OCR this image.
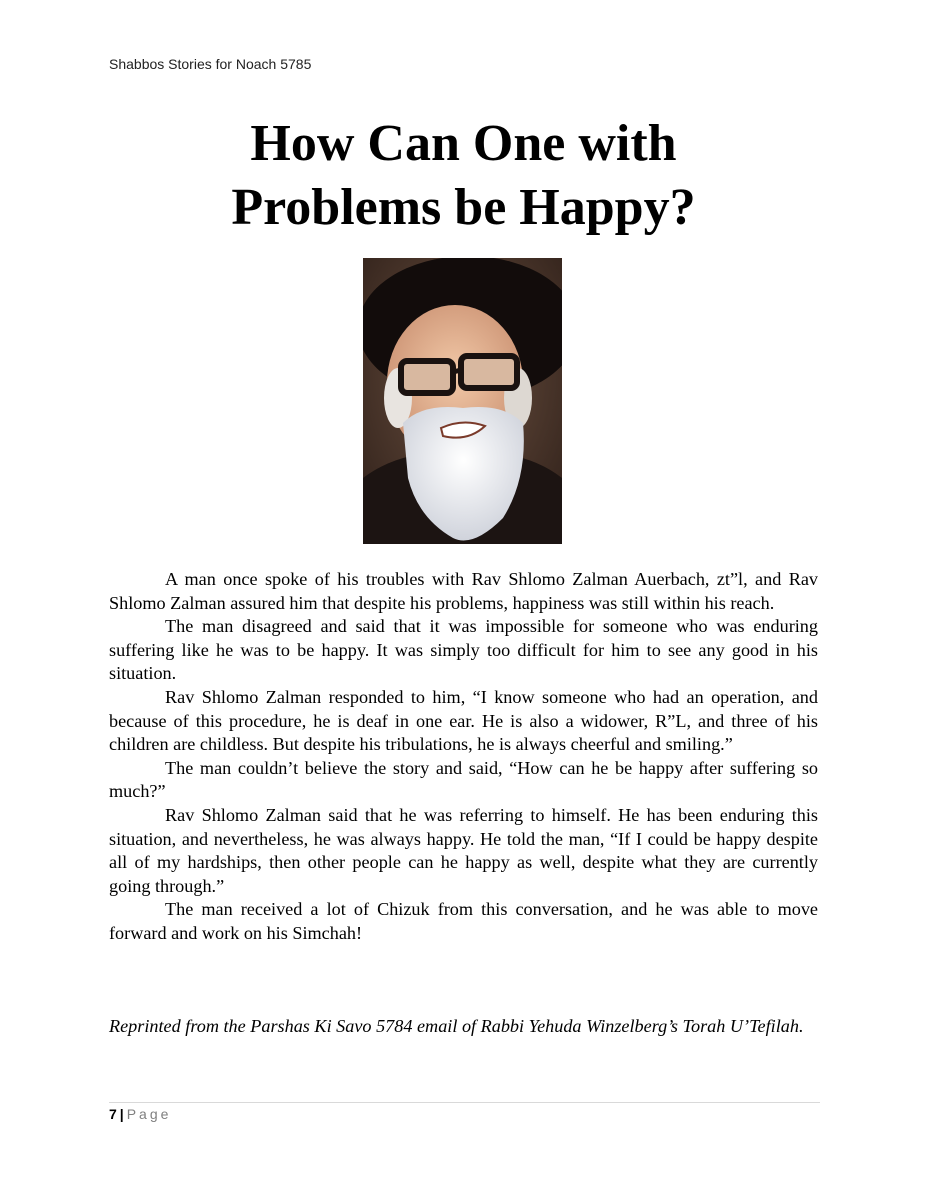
Shabbos Stories for Noach 5785
How Can One with
Problems be Happy?

A man once spoke of his troubles with Rav Shlomo Zalman Auerbach, zt”l, and Rav Shlomo Zalman assured him that despite his problems, happiness was still within his reach.

The man disagreed and said that it was impossible for someone who was enduring suffering like he was to be happy. It was simply too difficult for him to see any good in his situation.

Rav Shlomo Zalman responded to him, “I know someone who had an operation, and because of this procedure, he is deaf in one ear. He is also a widower, R”L, and three of his children are childless. But despite his tribulations, he is always cheerful and smiling.”

The man couldn’t believe the story and said, “How can he be happy after suffering so much?”

Rav Shlomo Zalman said that he was referring to himself. He has been enduring this situation, and nevertheless, he was always happy. He told the man, “If I could be happy despite all of my hardships, then other people can he happy as well, despite what they are currently going through.”

The man received a lot of Chizuk from this conversation, and he was able to move forward and work on his Simchah!

Reprinted from the Parshas Ki Savo 5784 email of Rabbi Yehuda Winzelberg’s Torah U’Tefilah.
7 | Page
